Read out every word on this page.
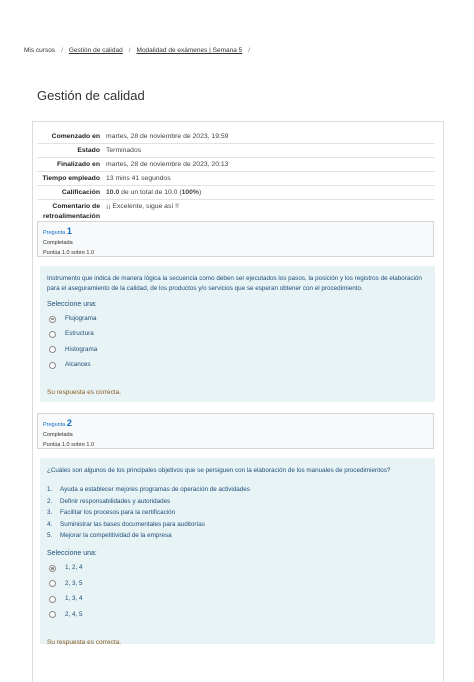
Mis cursos / Gestión de calidad / Modalidad de exámenes | Semana 5 /
Gestión de calidad
Comenzado en	martes, 28 de noviembre de 2023, 19:59
Estado	Terminados
Finalizado en	martes, 28 de noviembre de 2023, 20:13
Tiempo empleado	13 mins 41 segundos
Calificación	10.0 de un total de 10.0 (100%)
Comentario de retroalimentación	¡¡ Excelente, sigue así !!
Pregunta 1
Completada
Puntúa 1.0 sobre 1.0
Instrumento que indica de manera lógica la secuencia como deben ser ejecutados los pasos, la posición y los registros de elaboración para el aseguramiento de la calidad, de los productos y/o servicios que se esperan obtener con el procedimiento.
Seleccione una:
Flujograma
Estructura
Histograma
Alcances
Su respuesta es correcta.
Pregunta 2
Completada
Puntúa 1.0 sobre 1.0
¿Cuáles son algunos de los principales objetivos que se persiguen con la elaboración de los manuales de procedimientos?
1. Ayuda a establecer mejores programas de operación de actividades
2. Definir responsabilidades y autoridades
3. Facilitar los procesos para la certificación
4. Suministrar las bases documentales para auditorías
5. Mejorar la competitividad de la empresa
Seleccione una:
1, 2, 4
2, 3, 5
1, 3, 4
2, 4, 5
Su respuesta es correcta.
